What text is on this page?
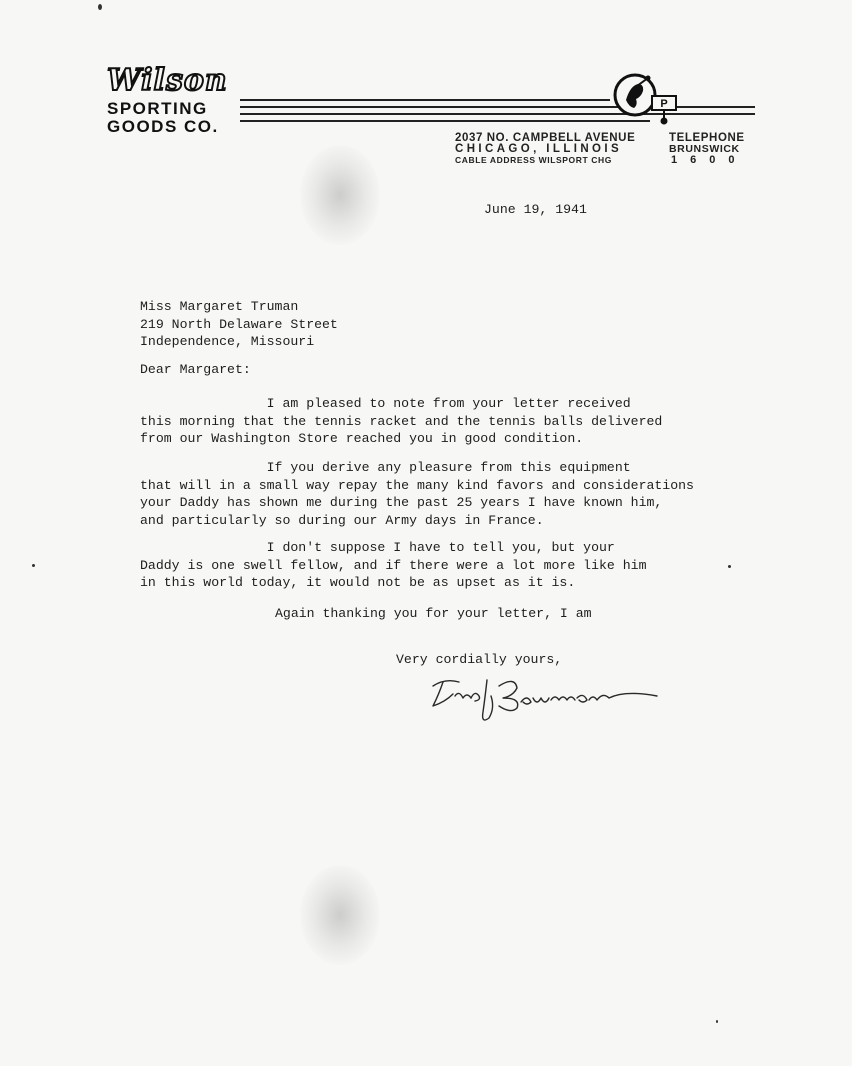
Wilson
SPORTING
GOODS CO.
P
2037 NO. CAMPBELL AVENUE
CHICAGO, ILLINOIS
CABLE ADDRESS WILSPORT CHG
TELEPHONE
BRUNSWICK
1600
June 19, 1941
Miss Margaret Truman
219 North Delaware Street
Independence, Missouri
Dear Margaret:
I am pleased to note from your letter received
this morning that the tennis racket and the tennis balls delivered
from our Washington Store reached you in good condition.
If you derive any pleasure from this equipment
that will in a small way repay the many kind favors and considerations
your Daddy has shown me during the past 25 years I have known him,
and particularly so during our Army days in France.
I don't suppose I have to tell you, but your
Daddy is one swell fellow, and if there were a lot more like him
in this world today, it would not be as upset as it is.
Again thanking you for your letter, I am
Very cordially yours,
